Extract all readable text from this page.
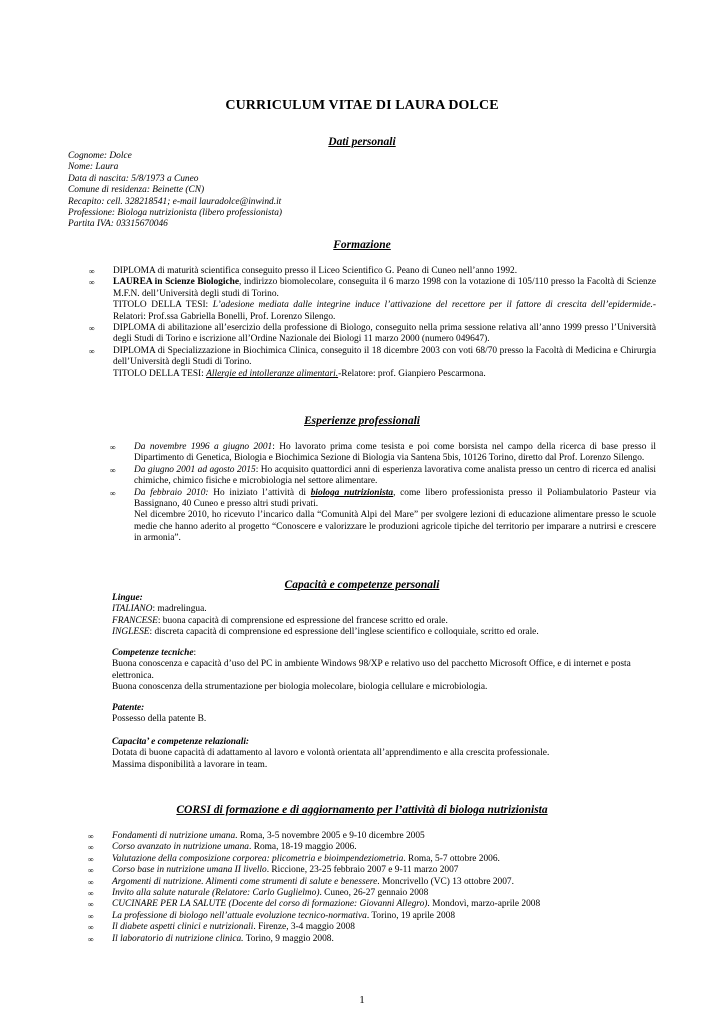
CURRICULUM VITAE DI LAURA DOLCE
Dati personali
Cognome: Dolce
Nome: Laura
Data di nascita: 5/8/1973 a Cuneo
Comune di residenza: Beinette (CN)
Recapito: cell. 328218541; e-mail lauradolce@inwind.it
Professione: Biologa nutrizionista (libero professionista)
Partita IVA: 03315670046
Formazione
∞ DIPLOMA di maturità scientifica conseguito presso il Liceo Scientifico G. Peano di Cuneo nell’anno 1992.
∞ LAUREA in Scienze Biologiche, indirizzo biomolecolare, conseguita il 6 marzo 1998 con la votazione di 105/110 presso la Facoltà di Scienze M.F.N. dell’Università degli studi di Torino.
TITOLO DELLA TESI: L’adesione mediata dalle integrine induce l’attivazione del recettore per il fattore di crescita dell’epidermide.- Relatori: Prof.ssa Gabriella Bonelli, Prof. Lorenzo Silengo.
∞ DIPLOMA di abilitazione all’esercizio della professione di Biologo, conseguito nella prima sessione relativa all’anno 1999 presso l’Università degli Studi di Torino e iscrizione all’Ordine Nazionale dei Biologi 11 marzo 2000 (numero 049647).
∞ DIPLOMA di Specializzazione in Biochimica Clinica, conseguito il 18 dicembre 2003 con voti 68/70 presso la Facoltà di Medicina e Chirurgia dell’Università degli Studi di Torino.
TITOLO DELLA TESI: Allergie ed intolleranze alimentari.-Relatore: prof. Gianpiero Pescarmona.
Esperienze professionali
∞ Da novembre 1996 a giugno 2001: Ho lavorato prima come tesista e poi come borsista nel campo della ricerca di base presso il Dipartimento di Genetica, Biologia e Biochimica Sezione di Biologia via Santena 5bis, 10126 Torino, diretto dal Prof. Lorenzo Silengo.
∞ Da giugno 2001 ad agosto 2015: Ho acquisito quattordici anni di esperienza lavorativa come analista presso un centro di ricerca ed analisi chimiche, chimico fisiche e microbiologia nel settore alimentare.
∞ Da febbraio 2010: Ho iniziato l’attività di biologa nutrizionista, come libero professionista presso il Poliambulatorio Pasteur via Bassignano, 40 Cuneo e presso altri studi privati.
Nel dicembre 2010, ho ricevuto l’incarico dalla “Comunità Alpi del Mare” per svolgere lezioni di educazione alimentare presso le scuole medie che hanno aderito al progetto “Conoscere e valorizzare le produzioni agricole tipiche del territorio per imparare a nutrirsi e crescere in armonia”.
Capacità e competenze personali
Lingue:
ITALIANO: madrelingua.
FRANCESE: buona capacità di comprensione ed espressione del francese scritto ed orale.
INGLESE: discreta capacità di comprensione ed espressione dell’inglese scientifico e colloquiale, scritto ed orale.
Competenze tecniche:
Buona conoscenza e capacità d’uso del PC in ambiente Windows 98/XP e relativo uso del pacchetto Microsoft Office, e di internet e posta elettronica.
Buona conoscenza della strumentazione per biologia molecolare, biologia cellulare e microbiologia.
Patente:
Possesso della patente B.
Capacita’ e competenze relazionali:
Dotata di buone capacità di adattamento al lavoro e volontà orientata all’apprendimento e alla crescita professionale.
Massima disponibilità a lavorare in team.
CORSI di formazione e di aggiornamento per l’attività di biologa nutrizionista
∞ Fondamenti di nutrizione umana. Roma, 3-5 novembre 2005 e 9-10 dicembre 2005
∞ Corso avanzato in nutrizione umana. Roma, 18-19 maggio 2006.
∞ Valutazione della composizione corporea: plicometria e bioimpendeziometria. Roma, 5-7 ottobre 2006.
∞ Corso base in nutrizione umana II livello. Riccione, 23-25 febbraio 2007 e 9-11 marzo 2007
∞ Argomenti di nutrizione. Alimenti come strumenti di salute e benessere. Moncrivello (VC) 13 ottobre 2007.
∞ Invito alla salute naturale (Relatore: Carlo Guglielmo). Cuneo, 26-27 gennaio 2008
∞ CUCINARE PER LA SALUTE (Docente del corso di formazione: Giovanni Allegro). Mondovì, marzo-aprile 2008
∞ La professione di biologo nell’attuale evoluzione tecnico-normativa. Torino, 19 aprile 2008
∞ Il diabete aspetti clinici e nutrizionali. Firenze, 3-4 maggio 2008
∞ Il laboratorio di nutrizione clinica. Torino, 9 maggio 2008.
1
